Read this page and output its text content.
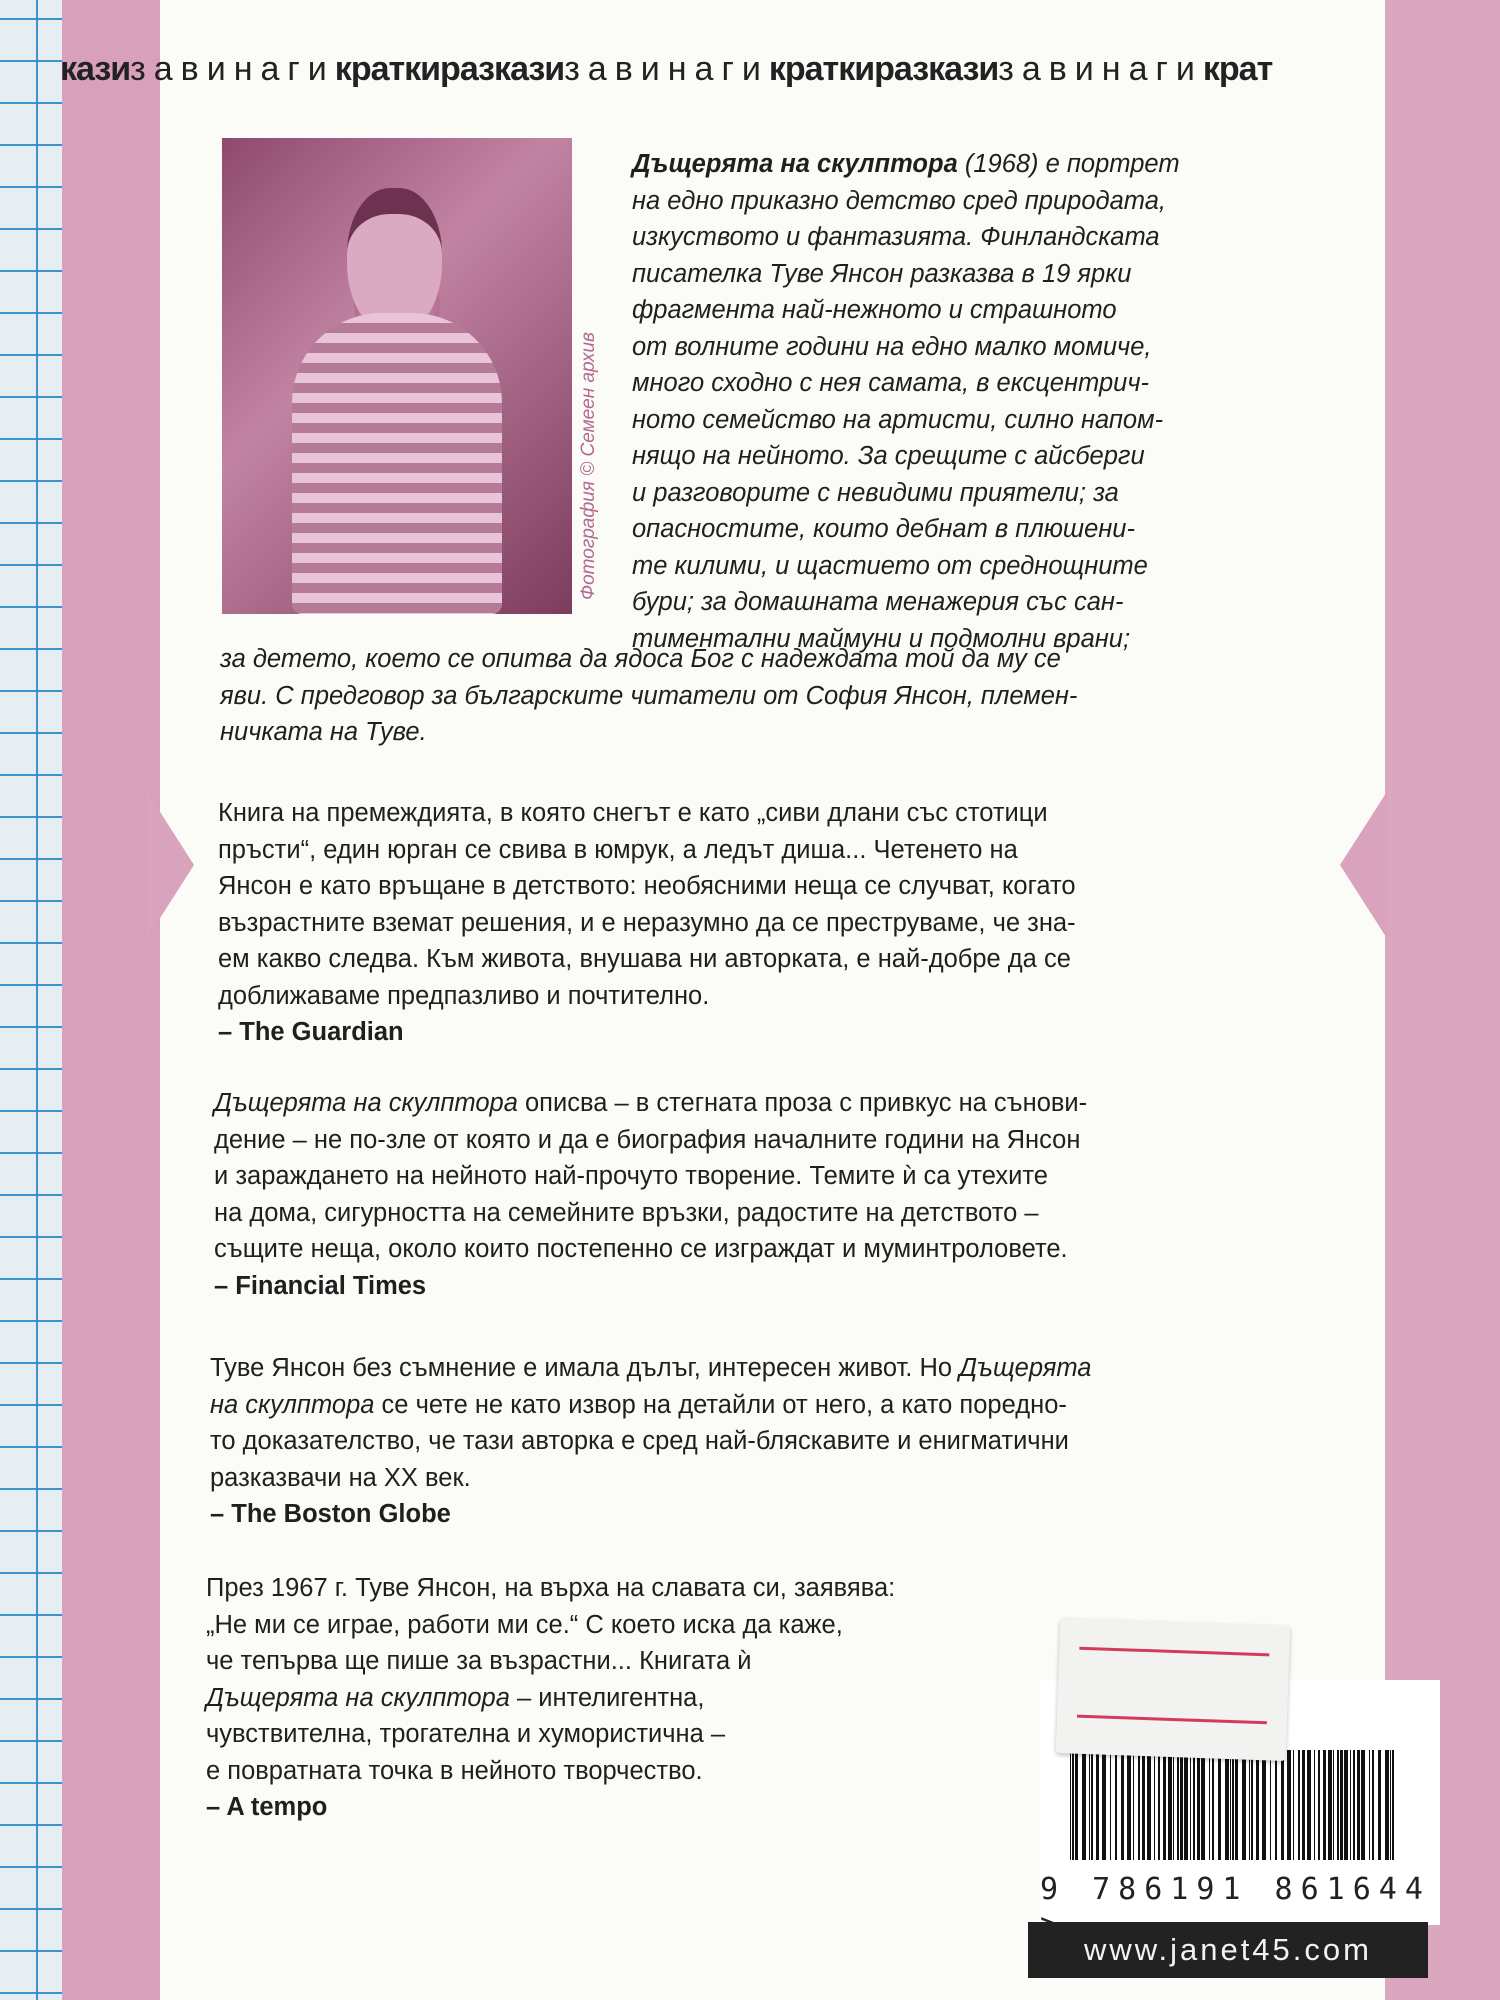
казизавинагикраткиразказизавинагикраткиразказизавинагикрат
Фотография © Семеен архив
Дъщерята на скулптора (1968) е портрет
на едно приказно детство сред природата,
изкуството и фантазията. Финландската
писателка Туве Янсон разказва в 19 ярки
фрагмента най-нежното и страшното
от волните години на едно малко момиче,
много сходно с нея самата, в ексцентрич-
ното семейство на артисти, силно напом-
нящо на нейното. За срещите с айсберги
и разговорите с невидими приятели; за
опасностите, които дебнат в плюшени-
те килими, и щастието от среднощните
бури; за домашната менажерия със сан-
тиментални маймуни и подмолни врани;
за детето, което се опитва да ядоса Бог с надеждата той да му се
яви. С предговор за българските читатели от София Янсон, племен-
ничката на Туве.
Книга на премеждията, в която снегът е като „сиви длани със стотици
пръсти“, един юрган се свива в юмрук, а ледът диша... Четенето на
Янсон е като връщане в детството: необясними неща се случват, когато
възрастните вземат решения, и е неразумно да се преструваме, че зна-
ем какво следва. Към живота, внушава ни авторката, е най-добре да се
доближаваме предпазливо и почтително.
– The Guardian
Дъщерята на скулптора описва – в стегната проза с привкус на сънови-
дение – не по-зле от която и да е биография началните години на Янсон
и зараждането на нейното най-прочуто творение. Темите ѝ са утехите
на дома, сигурността на семейните връзки, радостите на детството –
същите неща, около които постепенно се изграждат и муминтроловете.
– Financial Times
Туве Янсон без съмнение е имала дълъг, интересен живот. Но Дъщерята
на скулптора се чете не като извор на детайли от него, а като поредно-
то доказателство, че тази авторка е сред най-бляскавите и енигматични
разказвачи на XX век.
– The Boston Globe
През 1967 г. Туве Янсон, на върха на славата си, заявява:
„Не ми се играе, работи ми се.“ С което иска да каже,
че тепърва ще пише за възрастни... Книгата ѝ
Дъщерята на скулптора – интелигентна,
чувствителна, трогателна и хумористична –
е повратната точка в нейното творчество.
– A tempo
9 786191 861644
www.janet45.com
